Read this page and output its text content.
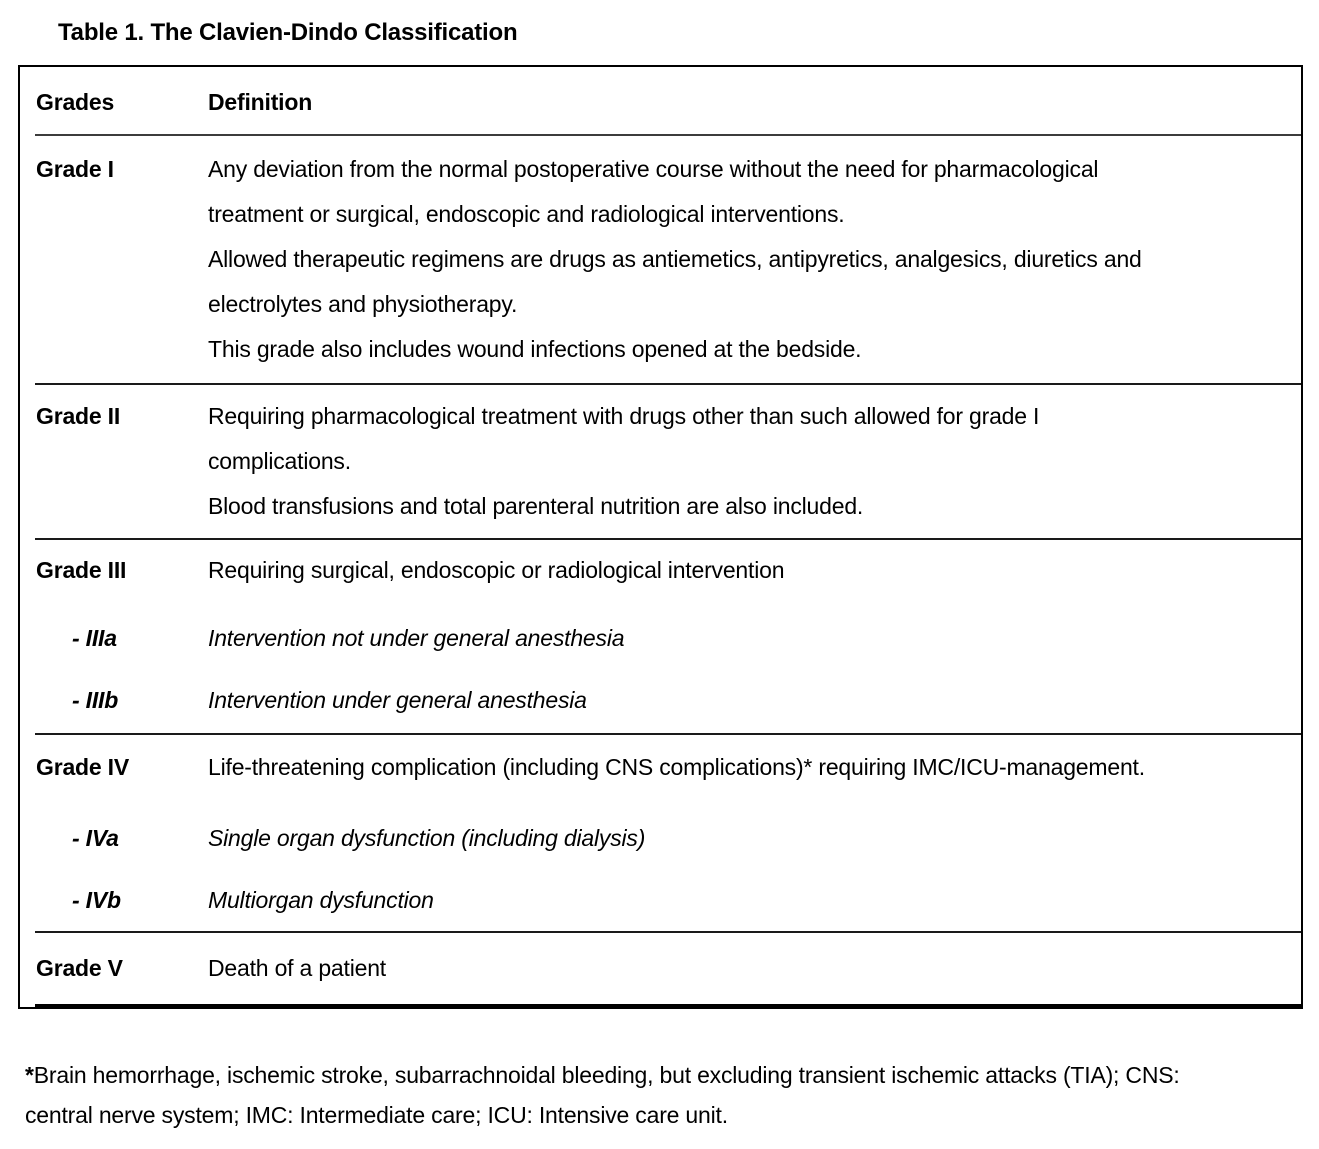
Table 1. The Clavien-Dindo Classification
Grades	Definition
Grade I	Any deviation from the normal postoperative course without the need for pharmacological treatment or surgical, endoscopic and radiological interventions.

Allowed therapeutic regimens are drugs as antiemetics, antipyretics, analgesics, diuretics and electrolytes and physiotherapy.

This grade also includes wound infections opened at the bedside.

Grade II	Requiring pharmacological treatment with drugs other than such allowed for grade I complications.

Blood transfusions and total parenteral nutrition are also included.

Grade III	Requiring surgical, endoscopic or radiological intervention

- IIIa	Intervention not under general anesthesia
- IIIb	Intervention under general anesthesia
Grade IV	Life-threatening complication (including CNS complications)* requiring IMC/ICU-management.

- IVa	Single organ dysfunction (including dialysis)
- IVb	Multiorgan dysfunction
Grade V	Death of a patient

*Brain hemorrhage, ischemic stroke, subarrachnoidal bleeding, but excluding transient ischemic attacks (TIA); CNS: central nerve system; IMC: Intermediate care; ICU: Intensive care unit.
